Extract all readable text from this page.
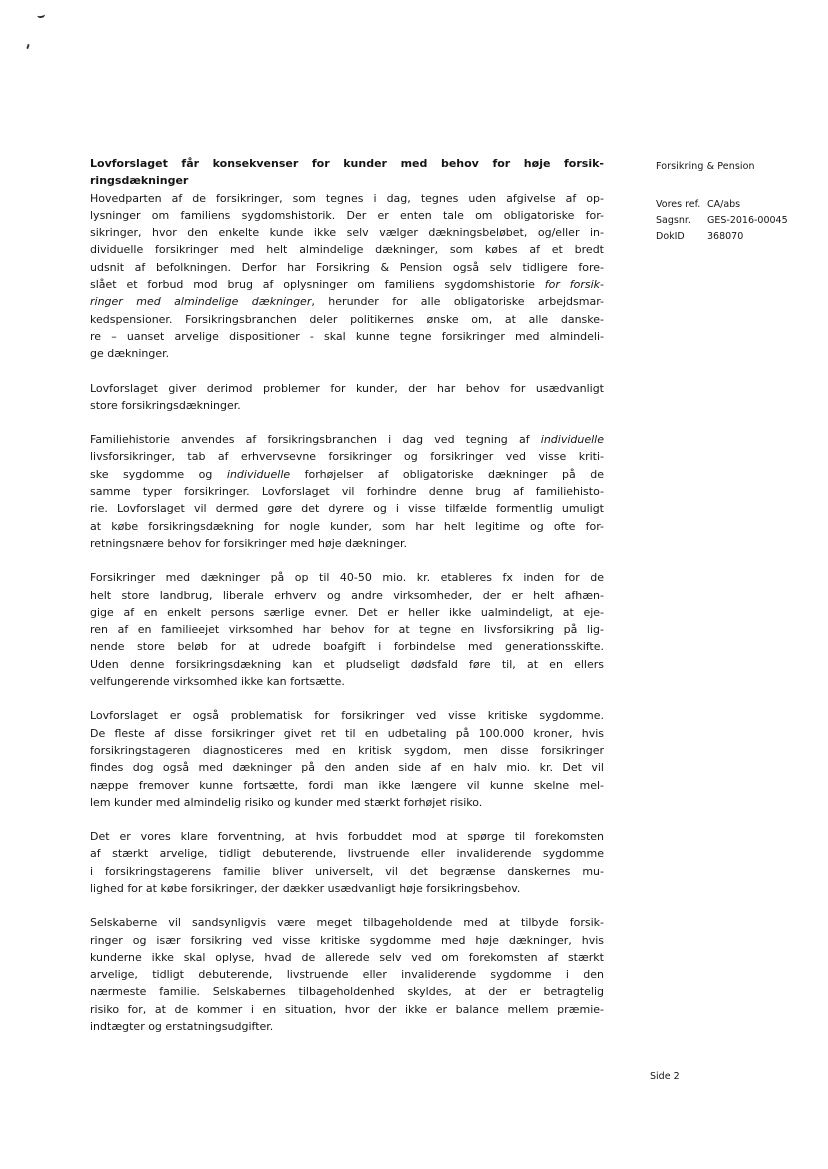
Lovforslaget får konsekvenser for kunder med behov for høje forsik-
ringsdækninger
Hovedparten af de forsikringer, som tegnes i dag, tegnes uden afgivelse af op-
lysninger om familiens sygdomshistorik. Der er enten tale om obligatoriske for-
sikringer, hvor den enkelte kunde ikke selv vælger dækningsbeløbet, og/eller in-
dividuelle forsikringer med helt almindelige dækninger, som købes af et bredt
udsnit af befolkningen. Derfor har Forsikring & Pension også selv tidligere fore-
slået et forbud mod brug af oplysninger om familiens sygdomshistorie for forsik-
ringer med almindelige dækninger, herunder for alle obligatoriske arbejdsmar-
kedspensioner. Forsikringsbranchen deler politikernes ønske om, at alle danske-
re – uanset arvelige dispositioner - skal kunne tegne forsikringer med almindeli-
ge dækninger.
Lovforslaget giver derimod problemer for kunder, der har behov for usædvanligt
store forsikringsdækninger.
Familiehistorie anvendes af forsikringsbranchen i dag ved tegning af individuelle
livsforsikringer, tab af erhvervsevne forsikringer og forsikringer ved visse kriti-
ske sygdomme og individuelle forhøjelser af obligatoriske dækninger på de
samme typer forsikringer. Lovforslaget vil forhindre denne brug af familiehisto-
rie. Lovforslaget vil dermed gøre det dyrere og i visse tilfælde formentlig umuligt
at købe forsikringsdækning for nogle kunder, som har helt legitime og ofte for-
retningsnære behov for forsikringer med høje dækninger.
Forsikringer med dækninger på op til 40-50 mio. kr. etableres fx inden for de
helt store landbrug, liberale erhverv og andre virksomheder, der er helt afhæn-
gige af en enkelt persons særlige evner. Det er heller ikke ualmindeligt, at eje-
ren af en familieejet virksomhed har behov for at tegne en livsforsikring på lig-
nende store beløb for at udrede boafgift i forbindelse med generationsskifte.
Uden denne forsikringsdækning kan et pludseligt dødsfald føre til, at en ellers
velfungerende virksomhed ikke kan fortsætte.
Lovforslaget er også problematisk for forsikringer ved visse kritiske sygdomme.
De fleste af disse forsikringer givet ret til en udbetaling på 100.000 kroner, hvis
forsikringstageren diagnosticeres med en kritisk sygdom, men disse forsikringer
findes dog også med dækninger på den anden side af en halv mio. kr. Det vil
næppe fremover kunne fortsætte, fordi man ikke længere vil kunne skelne mel-
lem kunder med almindelig risiko og kunder med stærkt forhøjet risiko.
Det er vores klare forventning, at hvis forbuddet mod at spørge til forekomsten
af stærkt arvelige, tidligt debuterende, livstruende eller invaliderende sygdomme
i forsikringstagerens familie bliver universelt, vil det begrænse danskernes mu-
lighed for at købe forsikringer, der dækker usædvanligt høje forsikringsbehov.
Selskaberne vil sandsynligvis være meget tilbageholdende med at tilbyde forsik-
ringer og især forsikring ved visse kritiske sygdomme med høje dækninger, hvis
kunderne ikke skal oplyse, hvad de allerede selv ved om forekomsten af stærkt
arvelige, tidligt debuterende, livstruende eller invaliderende sygdomme i den
nærmeste familie. Selskabernes tilbageholdenhed skyldes, at der er betragtelig
risiko for, at de kommer i en situation, hvor der ikke er balance mellem præmie-
indtægter og erstatningsudgifter.
Forsikring & Pension
Vores ref. CA/abs
Sagsnr.	GES-2016-00045
DokID	368070
Side 2
